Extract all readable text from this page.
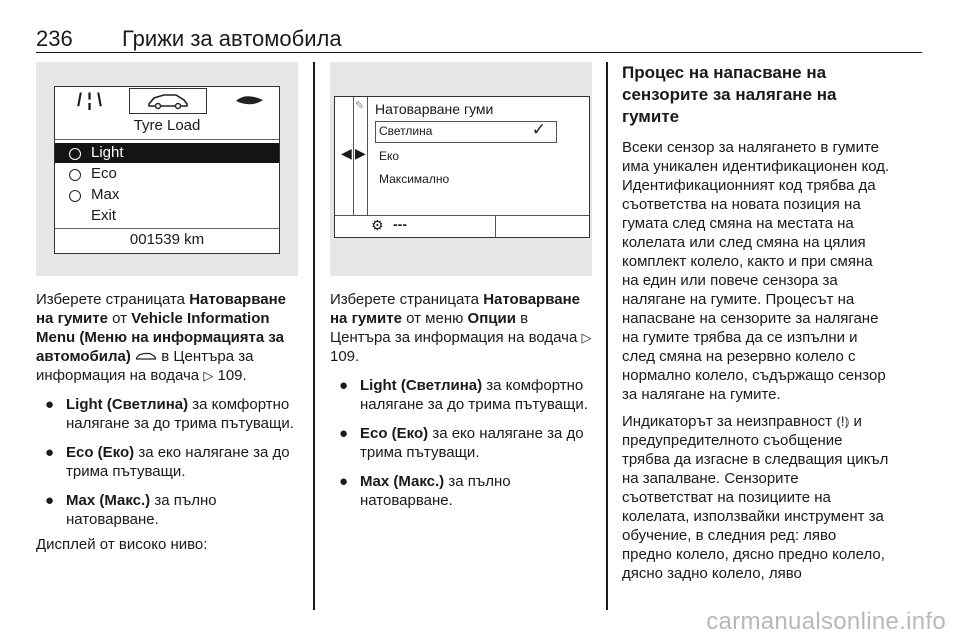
236 Грижи за автомобила
/ ¦ \
Tyre Load
Light
Eco
Max
Exit
001539 km

Изберете страницата Натоварване на гумите от Vehicle Information Menu (Меню на информацията за автомобила)  в Центъра за информация на водача ▷ 109.

● Light (Светлина) за комфортно налягане за до трима пътуващи.
● Eco (Еко) за еко налягане за до трима пътуващи.
● Max (Макс.) за пълно натоварване.

Дисплей от високо ниво:

◀ ▶
✎ Натоварване гуми
Светлина	✓
Еко
Максимално
⚙ ---

Изберете страницата Натоварване на гумите от меню Опции в Центъра за информация на водача ▷ 109.

● Light (Светлина) за комфортно налягане за до трима пътуващи.
● Eco (Еко) за еко налягане за до трима пътуващи.
● Max (Макс.) за пълно натоварване.

Процес на напасване на сензорите за налягане на гумите

Всеки сензор за налягането в гумите има уникален идентификационен код. Идентификационният код трябва да съответства на новата позиция на гумата след смяна на местата на колелата или след смяна на цялия комплект колело, както и при смяна на един или повече сензора за налягане на гумите. Процесът на напасване на сензорите за налягане на гумите трябва да се изпълни и след смяна на резервно колело с нормално колело, съдържащо сензор за налягане на гумите.

Индикаторът за неизправност ⦅!⦆ и предупредителното съобщение трябва да изгасне в следващия цикъл на запалване. Сензорите съответстват на позициите на колелата, използвайки инструмент за обучение, в следния ред: ляво предно колело, дясно предно колело, дясно задно колело, ляво

carmanualsonline.info
